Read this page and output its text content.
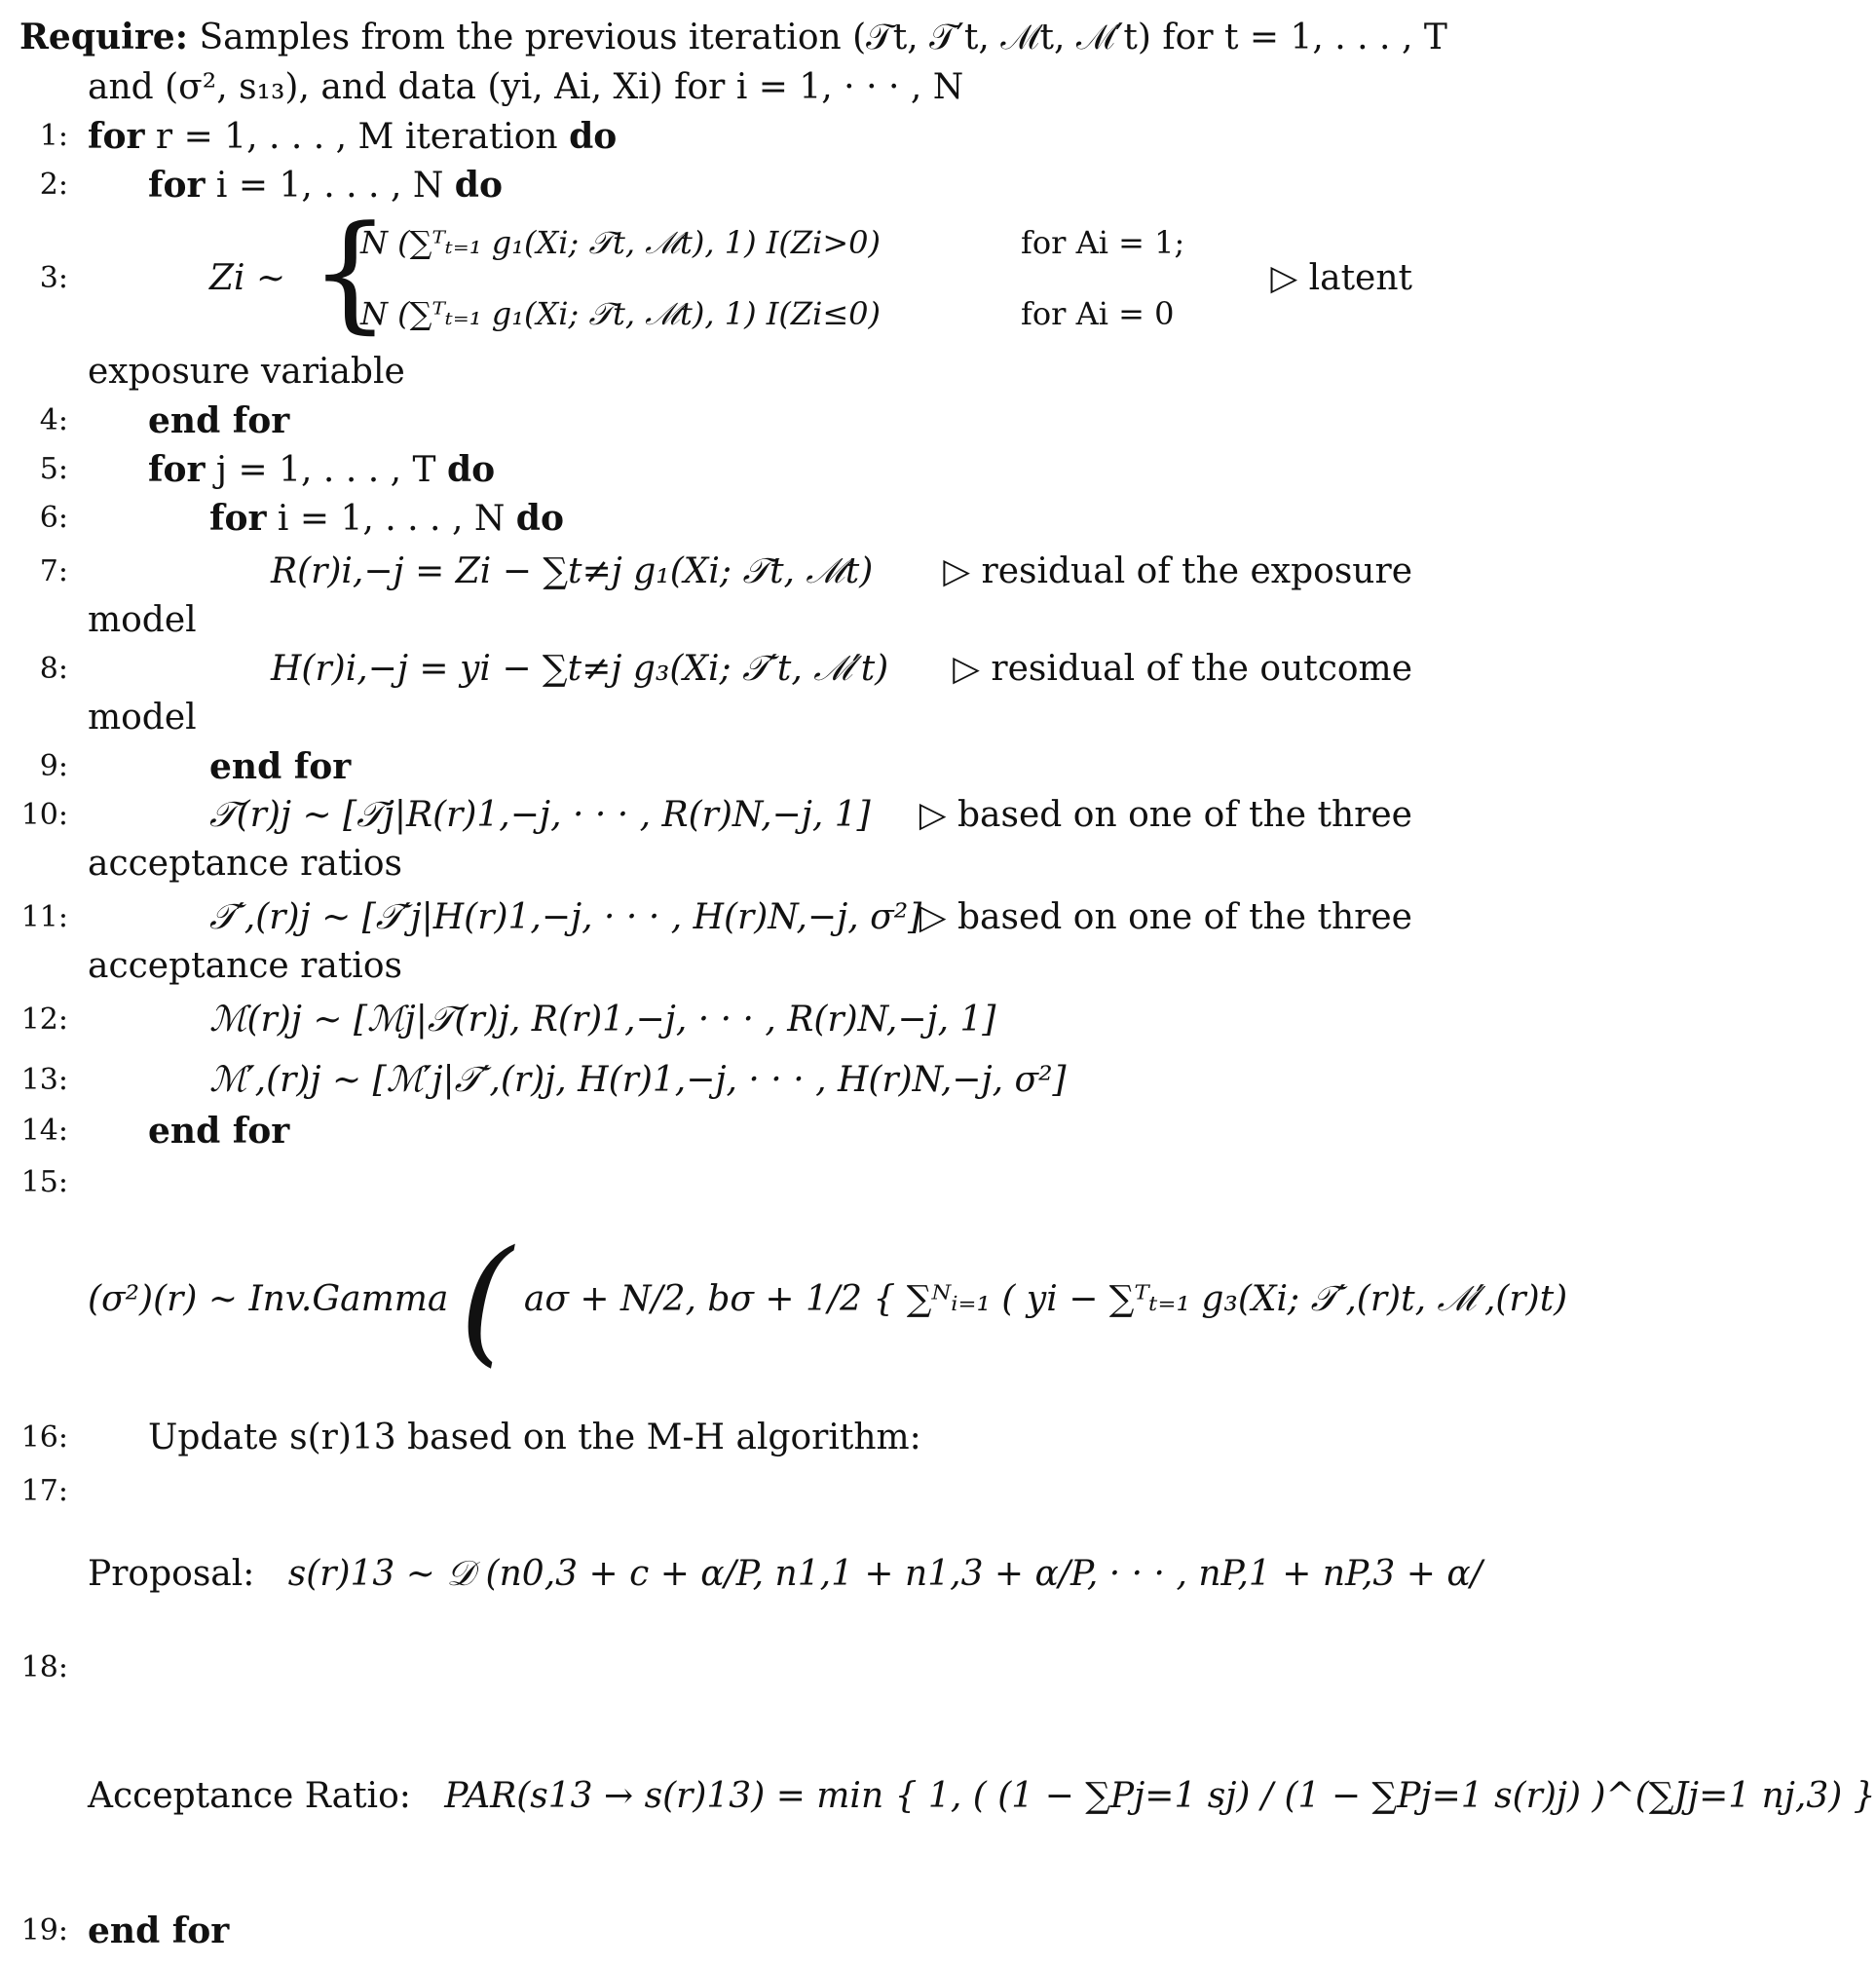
Require: Samples from the previous iteration (𝒯t, 𝒯′t, ℳt, ℳ′t) for t = 1, . . . , T
and (σ², s₁₃), and data (yi, Ai, Xi) for i = 1, · · · , N
1: for r = 1, . . . , M iteration do
2: for i = 1, . . . , N do
3:	Zi ∼	▷ latent
{
N (∑ᵀₜ₌₁ g₁(Xi; 𝒯t, ℳt), 1) I(Zi>0)	for Ai = 1;
N (∑ᵀₜ₌₁ g₁(Xi; 𝒯t, ℳt), 1) I(Zi≤0)	for Ai = 0
exposure variable
4: end for
5: for j = 1, . . . , T do
6:	for i = 1, . . . , N do
7:	R(r)i,−j = Zi − ∑t≠j g₁(Xi; 𝒯t, ℳt) ▷ residual of the exposure
model
8:	H(r)i,−j = yi − ∑t≠j g₃(Xi; 𝒯′t, ℳ′t) ▷ residual of the outcome
model
9:	end for
10:	𝒯(r)j ∼ [𝒯j|R(r)1,−j, · · · , R(r)N,−j, 1] ▷ based on one of the three
acceptance ratios
11:	𝒯′,(r)j ∼ [𝒯′j|H(r)1,−j, · · · , H(r)N,−j, σ²]
▷ based on one of the three
acceptance ratios
12:	ℳ(r)j ∼ [ℳj|𝒯(r)j, R(r)1,−j, · · · , R(r)N,−j, 1]
13:	ℳ′,(r)j ∼ [ℳ′j|𝒯′,(r)j, H(r)1,−j, · · · , H(r)N,−j, σ²]
14: end for
15:
(σ²)(r) ∼ Inv.Gamma ( aσ + N/2, bσ + 1/2 { ∑ᴺᵢ₌₁ ( yi − ∑ᵀₜ₌₁ g₃(Xi; 𝒯′,(r)t, ℳ′,(r)t)
16: Update s(r)13 based on the M-H algorithm:
17:
Proposal: s(r)13 ∼ 𝒟 (n0,3 + c + α/P, n1,1 + n1,3 + α/P, · · · , nP,1 + nP,3 + α/
18:
Acceptance Ratio: PAR(s13 → s(r)13) = min { 1, ( (1 − ∑Pj=1 sj) / (1 − ∑Pj=1 s(r)j) )^(∑Jj=1 nj,3) }
19: end for
